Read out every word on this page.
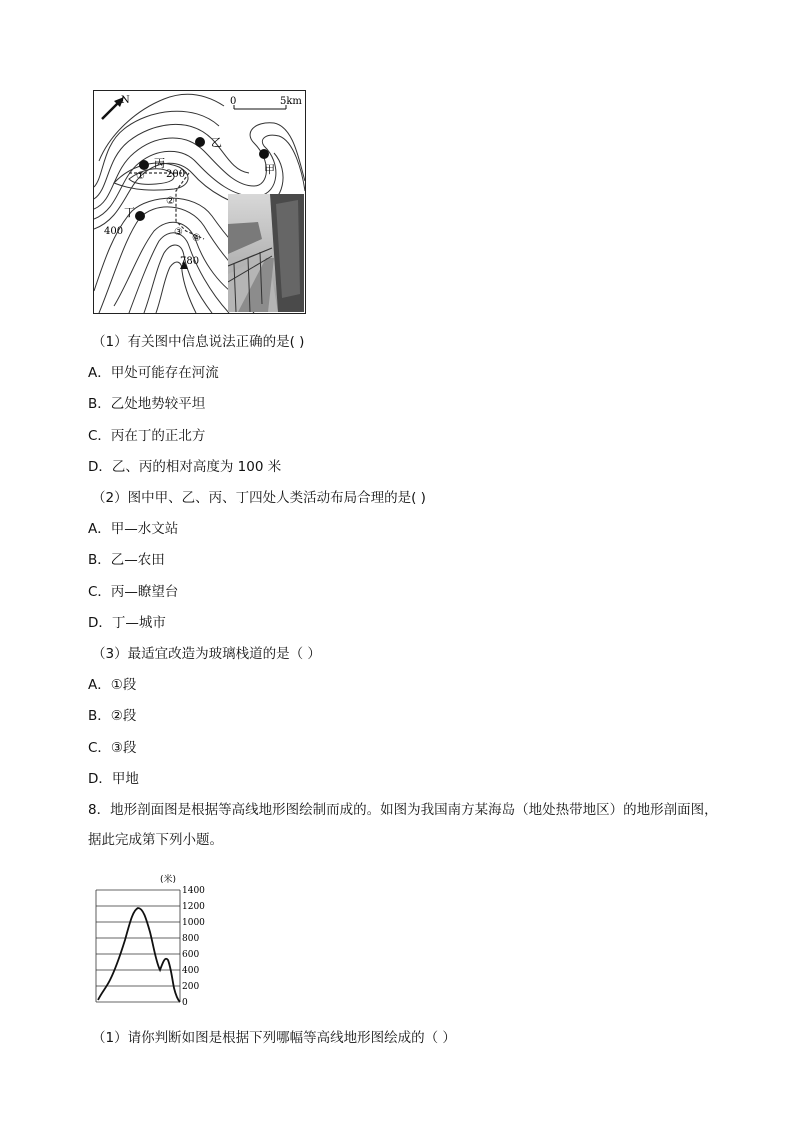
N	0	5km
乙
甲
丙
丁
200
400
780
①
②
③
④
（1）有关图中信息说法正确的是( )
A．甲处可能存在河流
B．乙处地势较平坦
C．丙在丁的正北方
D．乙、丙的相对高度为 100 米
（2）图中甲、乙、丙、丁四处人类活动布局合理的是( )
A．甲—水文站
B．乙—农田
C．丙—瞭望台
D．丁—城市
（3）最适宜改造为玻璃栈道的是（ ）
A．①段
B．②段
C．③段
D．甲地
8．地形剖面图是根据等高线地形图绘制而成的。如图为我国南方某海岛（地处热带地区）的地形剖面图，据此完成第下列小题。
(米)
1400
1200
1000
800
600
400
200
0
（1）请你判断如图是根据下列哪幅等高线地形图绘成的（ ）
